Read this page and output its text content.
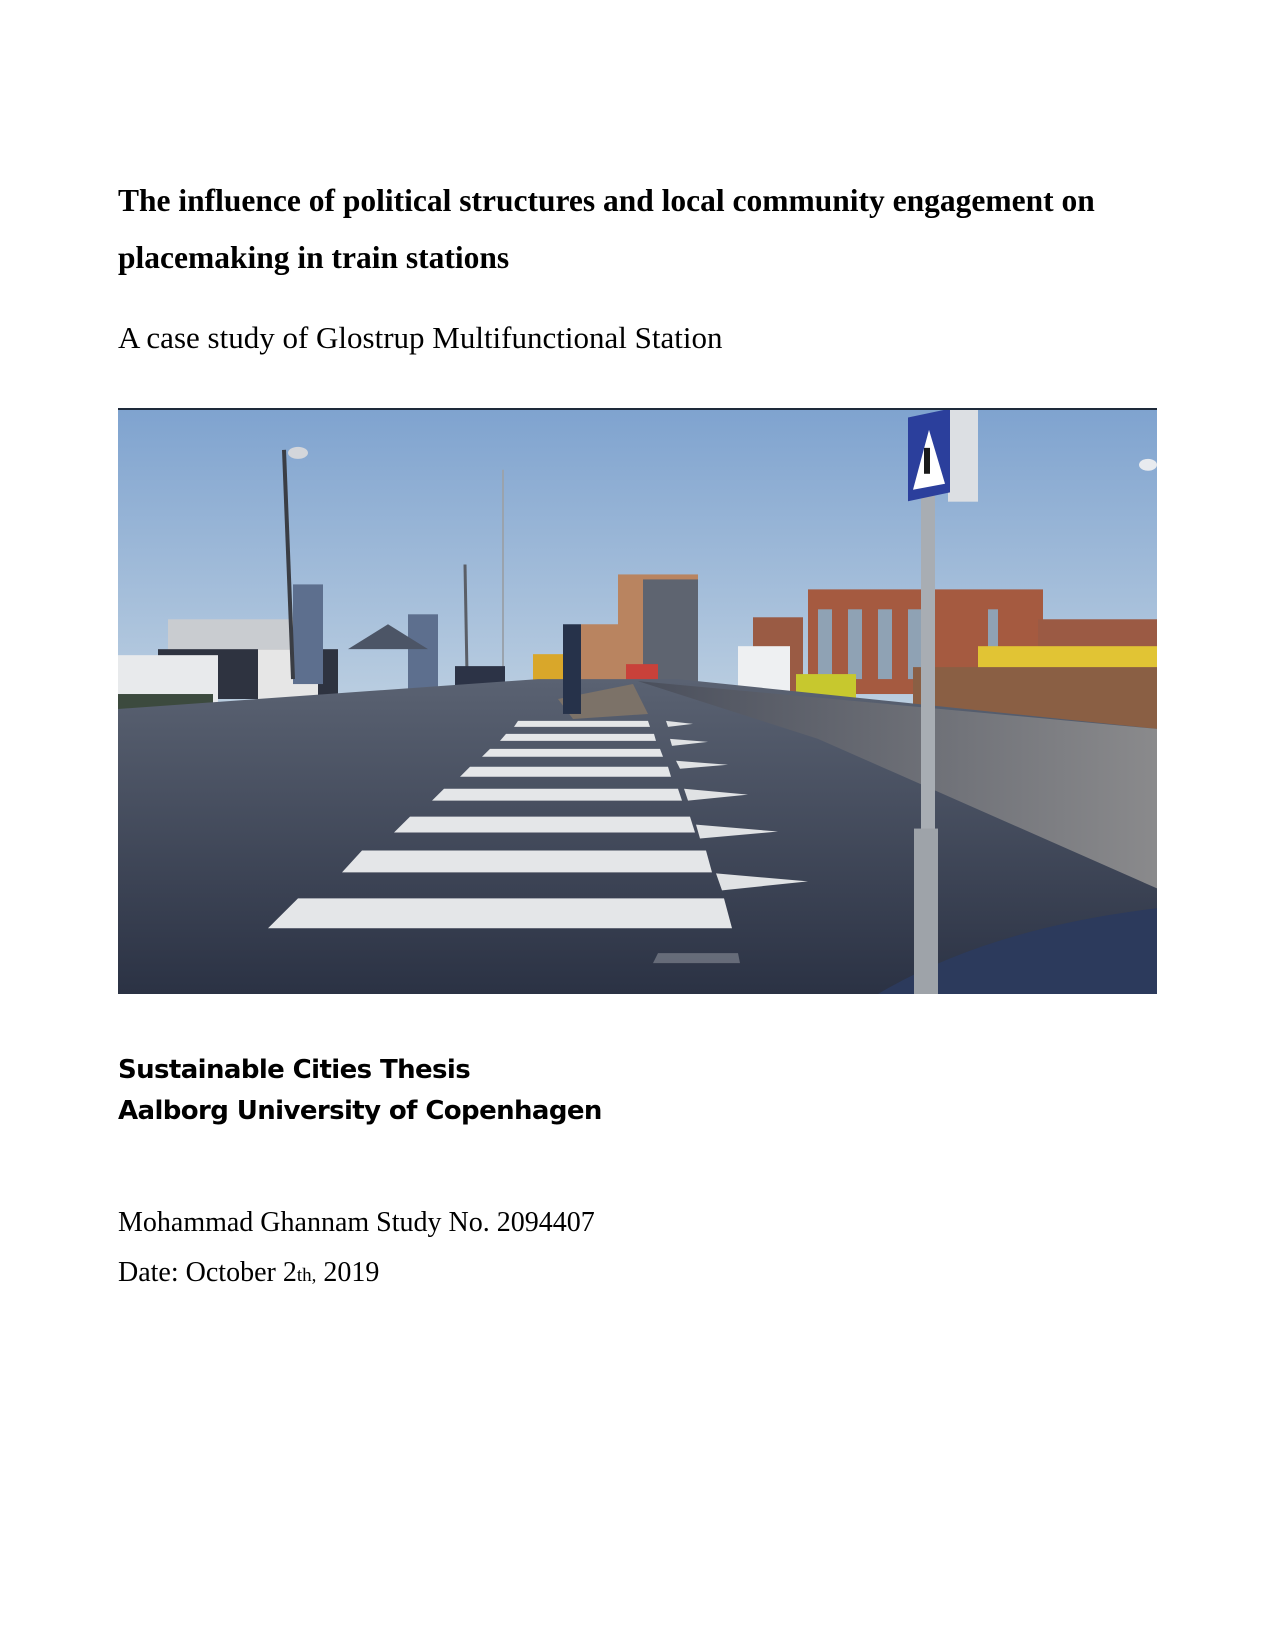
The influence of political structures and local community engagement on
placemaking in train stations

A case study of Glostrup Multifunctional Station

Sustainable Cities Thesis
Aalborg University of Copenhagen
Mohammad Ghannam Study No. 2094407
Date: October 2th, 2019
